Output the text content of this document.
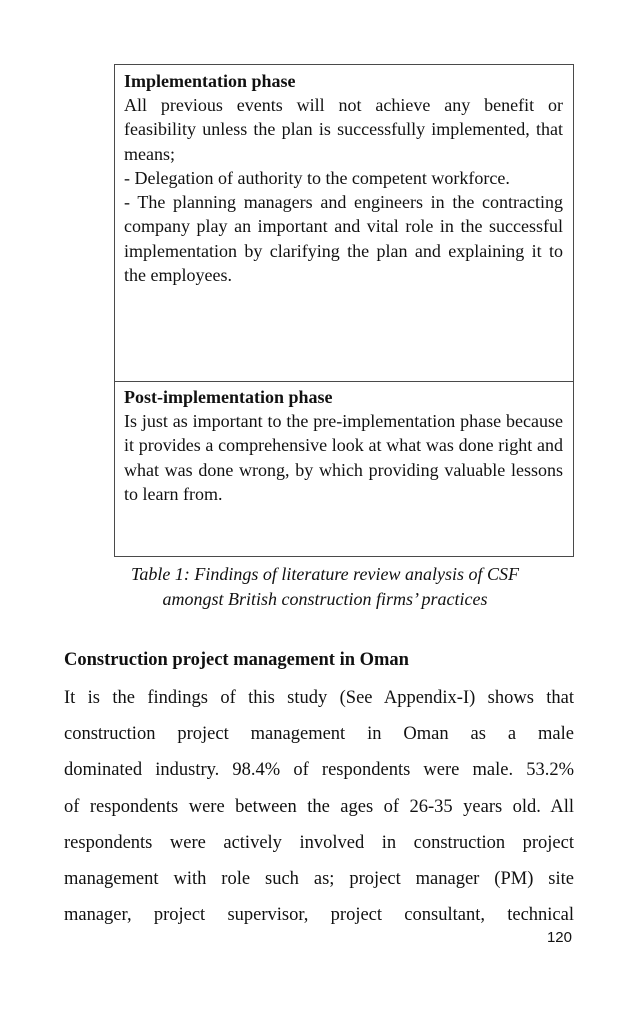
Implementation phase

All previous events will not achieve any benefit or feasibility unless the plan is successfully implemented, that means;

- Delegation of authority to the competent workforce.

- The planning managers and engineers in the contracting company play an important and vital role in the successful implementation by clarifying the plan and explaining it to the employees.

Post-implementation phase

Is just as important to the pre-implementation phase because it provides a comprehensive look at what was done right and what was done wrong, by which providing valuable lessons to learn from.

Table 1: Findings of literature review analysis of CSF
amongst British construction firms’ practices
Construction project management in Oman

It is the findings of this study (See Appendix-I) shows that

construction project management in Oman as a male

dominated industry. 98.4% of respondents were male. 53.2%

of respondents were between the ages of 26-35 years old. All

respondents were actively involved in construction project

management with role such as; project manager (PM) site

manager, project supervisor, project consultant, technical

120
